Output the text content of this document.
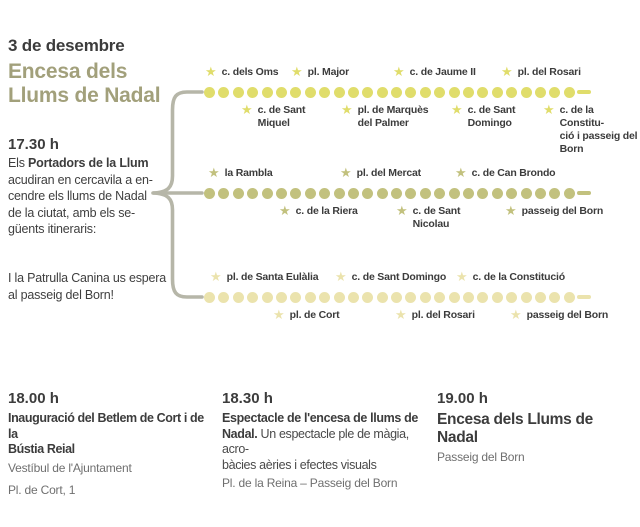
3 de desembre
Encesa dels
Llums de Nadal
17.30 h
Els Portadors de la Llum
acudiran en cercavila a en-
cendre els llums de Nadal
de la ciutat, amb els se-
güents itineraris:
I la Patrulla Canina us espera
al passeig del Born!
★ c. dels Oms ★ pl. Major	★ c. de Jaume II ★ pl. del Rosari
★ c. de Sant
Miquel
★ pl. de Marquès
del Palmer
★ c. de Sant
Domingo
★ c. de la Constitu-
ció i passeig del
Born
★ la Rambla	★ pl. del Mercat	★ c. de Can Brondo
★ c. de la Riera	★ c. de Sant
Nicolau
★ passeig del Born
★ pl. de Santa Eulàlia ★ c. de Sant Domingo ★ c. de la Constitució
★ pl. de Cort	★ pl. del Rosari	★ passeig del Born
18.00 h
Inauguració del Betlem de Cort i de la
Bústia Reial
Vestíbul de l'Ajuntament
Pl. de Cort, 1
18.30 h
Espectacle de l'encesa de llums de
Nadal. Un espectacle ple de màgia, acro-
bàcies aèries i efectes visuals
Pl. de la Reina – Passeig del Born
19.00 h
Encesa dels Llums de Nadal
Passeig del Born
